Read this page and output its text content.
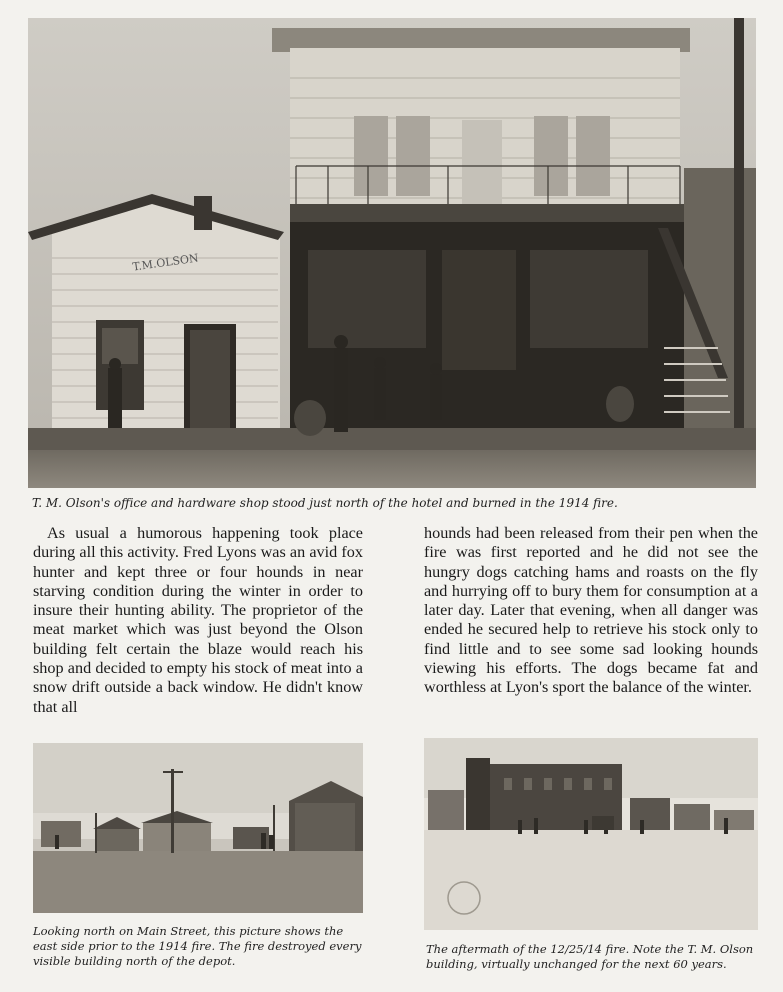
T.M.OLSON
T. M. Olson's office and hardware shop stood just north of the hotel and burned in the 1914 fire.

As usual a humorous happening took place during all this activity. Fred Lyons was an avid fox hunter and kept three or four hounds in near starving condition during the winter in order to insure their hunting ability. The proprietor of the meat market which was just beyond the Olson building felt certain the blaze would reach his shop and decided to empty his stock of meat into a snow drift outside a back window. He didn't know that all

hounds had been released from their pen when the fire was first reported and he did not see the hungry dogs catching hams and roasts on the fly and hurrying off to bury them for consumption at a later day. Later that evening, when all danger was ended he secured help to retrieve his stock only to find little and to see some sad looking hounds viewing his efforts. The dogs became fat and worthless at Lyon's sport the balance of the winter.

Looking north on Main Street, this picture shows the east side prior to the 1914 fire. The fire destroyed every visible building north of the depot.
The aftermath of the 12/25/14 fire. Note the T. M. Olson building, virtually unchanged for the next 60 years.
